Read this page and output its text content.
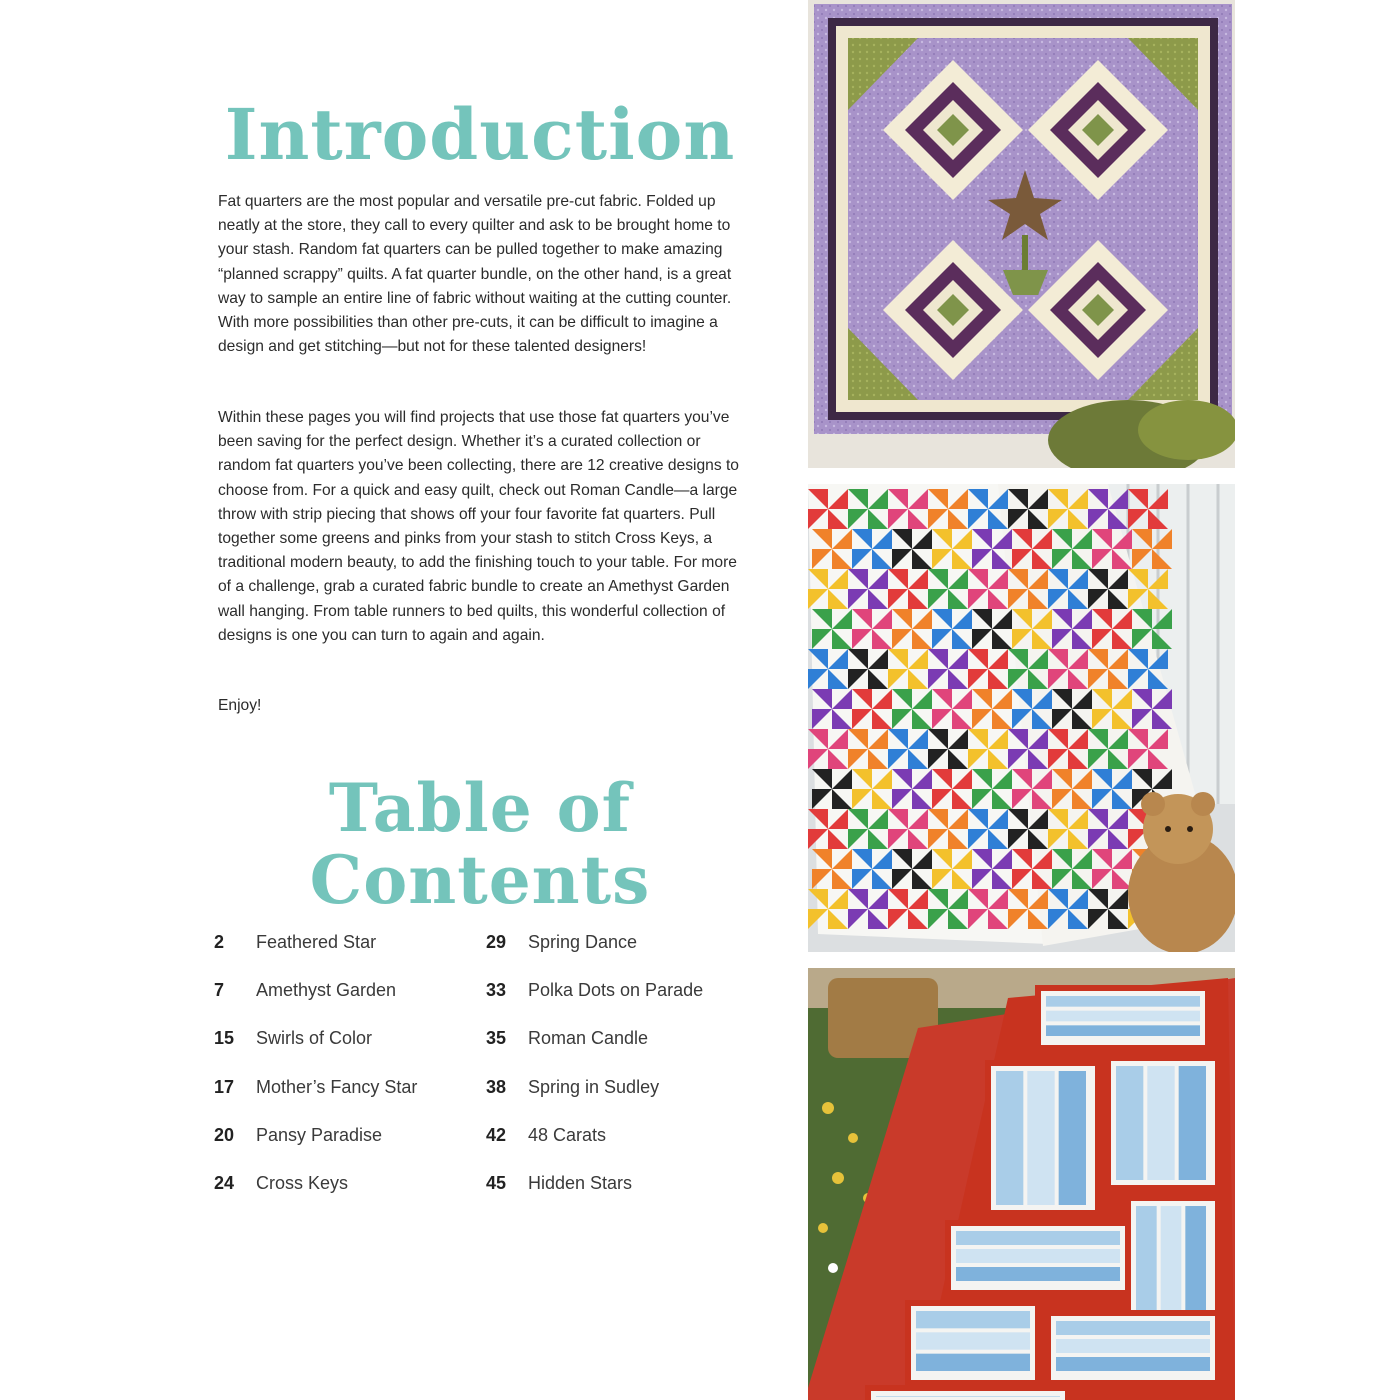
Introduction
Fat quarters are the most popular and versatile pre-cut fabric. Folded up neatly at the store, they call to every quilter and ask to be brought home to your stash. Random fat quarters can be pulled together to make amazing “planned scrappy” quilts. A fat quarter bundle, on the other hand, is a great way to sample an entire line of fabric without waiting at the cutting counter. With more possibilities than other pre-cuts, it can be difficult to imagine a design and get stitching—but not for these talented designers!
Within these pages you will find projects that use those fat quarters you’ve been saving for the perfect design. Whether it’s a curated collection or random fat quarters you’ve been collecting, there are 12 creative designs to choose from. For a quick and easy quilt, check out Roman Candle—a large throw with strip piecing that shows off your four favorite fat quarters. Pull together some greens and pinks from your stash to stitch Cross Keys, a traditional modern beauty, to add the finishing touch to your table. For more of a challenge, grab a curated fabric bundle to create an Amethyst Garden wall hanging. From table runners to bed quilts, this wonderful collection of designs is one you can turn to again and again.
Enjoy!
Table of
Contents
2	Feathered Star
7	Amethyst Garden
15	Swirls of Color
17	Mother’s Fancy Star
20	Pansy Paradise
24	Cross Keys
29	Spring Dance
33	Polka Dots on Parade
35	Roman Candle
38	Spring in Sudley
42	48 Carats
45	Hidden Stars
